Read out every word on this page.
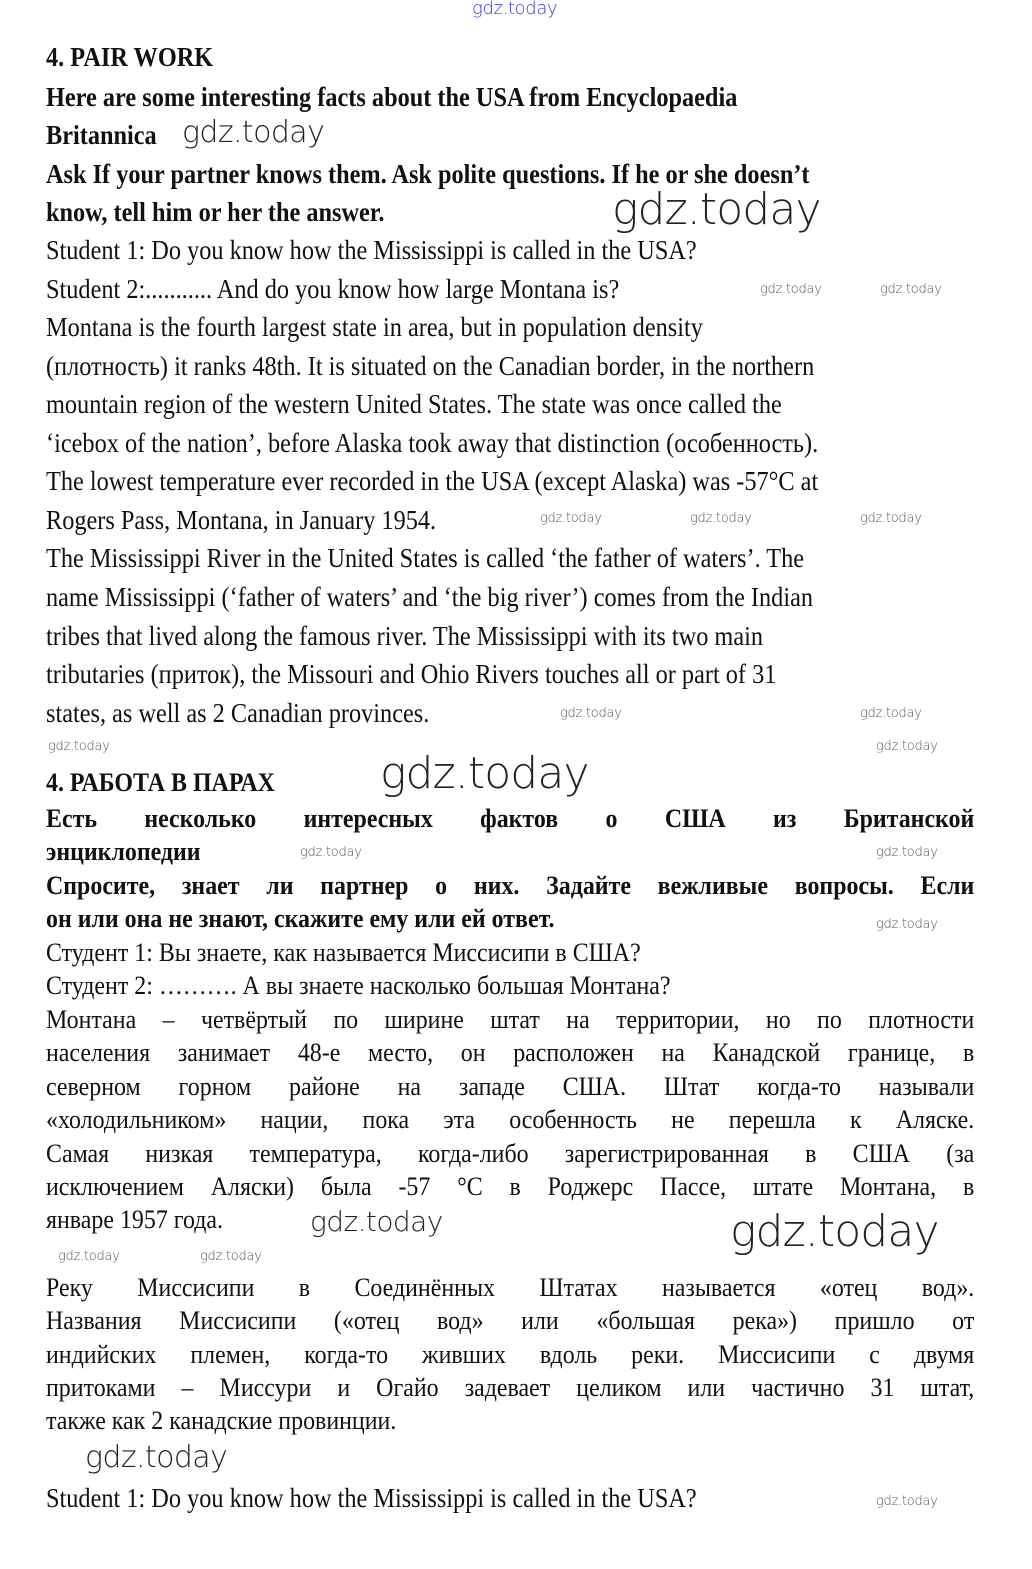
4. PAIR WORK
Here are some interesting facts about the USA from Encyclopaedia
Britannica
Ask If your partner knows them. Ask polite questions. If he or she doesn’t
know, tell him or her the answer.
Student 1: Do you know how the Mississippi is called in the USA?
Student 2:........... And do you know how large Montana is?
Montana is the fourth largest state in area, but in population density
(плотность) it ranks 48th. It is situated on the Canadian border, in the northern
mountain region of the western United States. The state was once called the
‘icebox of the nation’, before Alaska took away that distinction (особенность).
The lowest temperature ever recorded in the USA (except Alaska) was -57°C at
Rogers Pass, Montana, in January 1954.
The Mississippi River in the United States is called ‘the father of waters’. The
name Mississippi (‘father of waters’ and ‘the big river’) comes from the Indian
tribes that lived along the famous river. The Mississippi with its two main
tributaries (приток), the Missouri and Ohio Rivers touches all or part of 31
states, as well as 2 Canadian provinces.
4. РАБОТА В ПАРАХ
Есть несколько интересных фактов о США из Британской
энциклопедии
Спросите, знает ли партнер о них. Задайте вежливые вопросы. Если
он или она не знают, скажите ему или ей ответ.
Студент 1: Вы знаете, как называется Миссисипи в США?
Студент 2: ………. А вы знаете насколько большая Монтана?
Монтана – четвёртый по ширине штат на территории, но по плотности
населения занимает 48-е место, он расположен на Канадской границе, в
северном горном районе на западе США. Штат когда-то называли
«холодильником» нации, пока эта особенность не перешла к Аляске.
Самая низкая температура, когда-либо зарегистрированная в США (за
исключением Аляски) была -57 °С в Роджерс Пассе, штате Монтана, в
январе 1957 года.
Реку Миссисипи в Соединённых Штатах называется «отец вод».
Названия Миссисипи («отец вод» или «большая река») пришло от
индийских племен, когда-то живших вдоль реки. Миссисипи с двумя
притоками – Миссури и Огайо задевает целиком или частично 31 штат,
также как 2 канадские провинции.
Student 1: Do you know how the Mississippi is called in the USA?
gdz.today
gdz.today
gdz.today
gdz.today	gdz.today
gdz.today	gdz.today	gdz.today
gdz.today	gdz.today
gdz.today	gdz.today
gdz.today
gdz.today	gdz.today
gdz.today
gdz.today	gdz.today
gdz.today	gdz.today
gdz.today
gdz.today
